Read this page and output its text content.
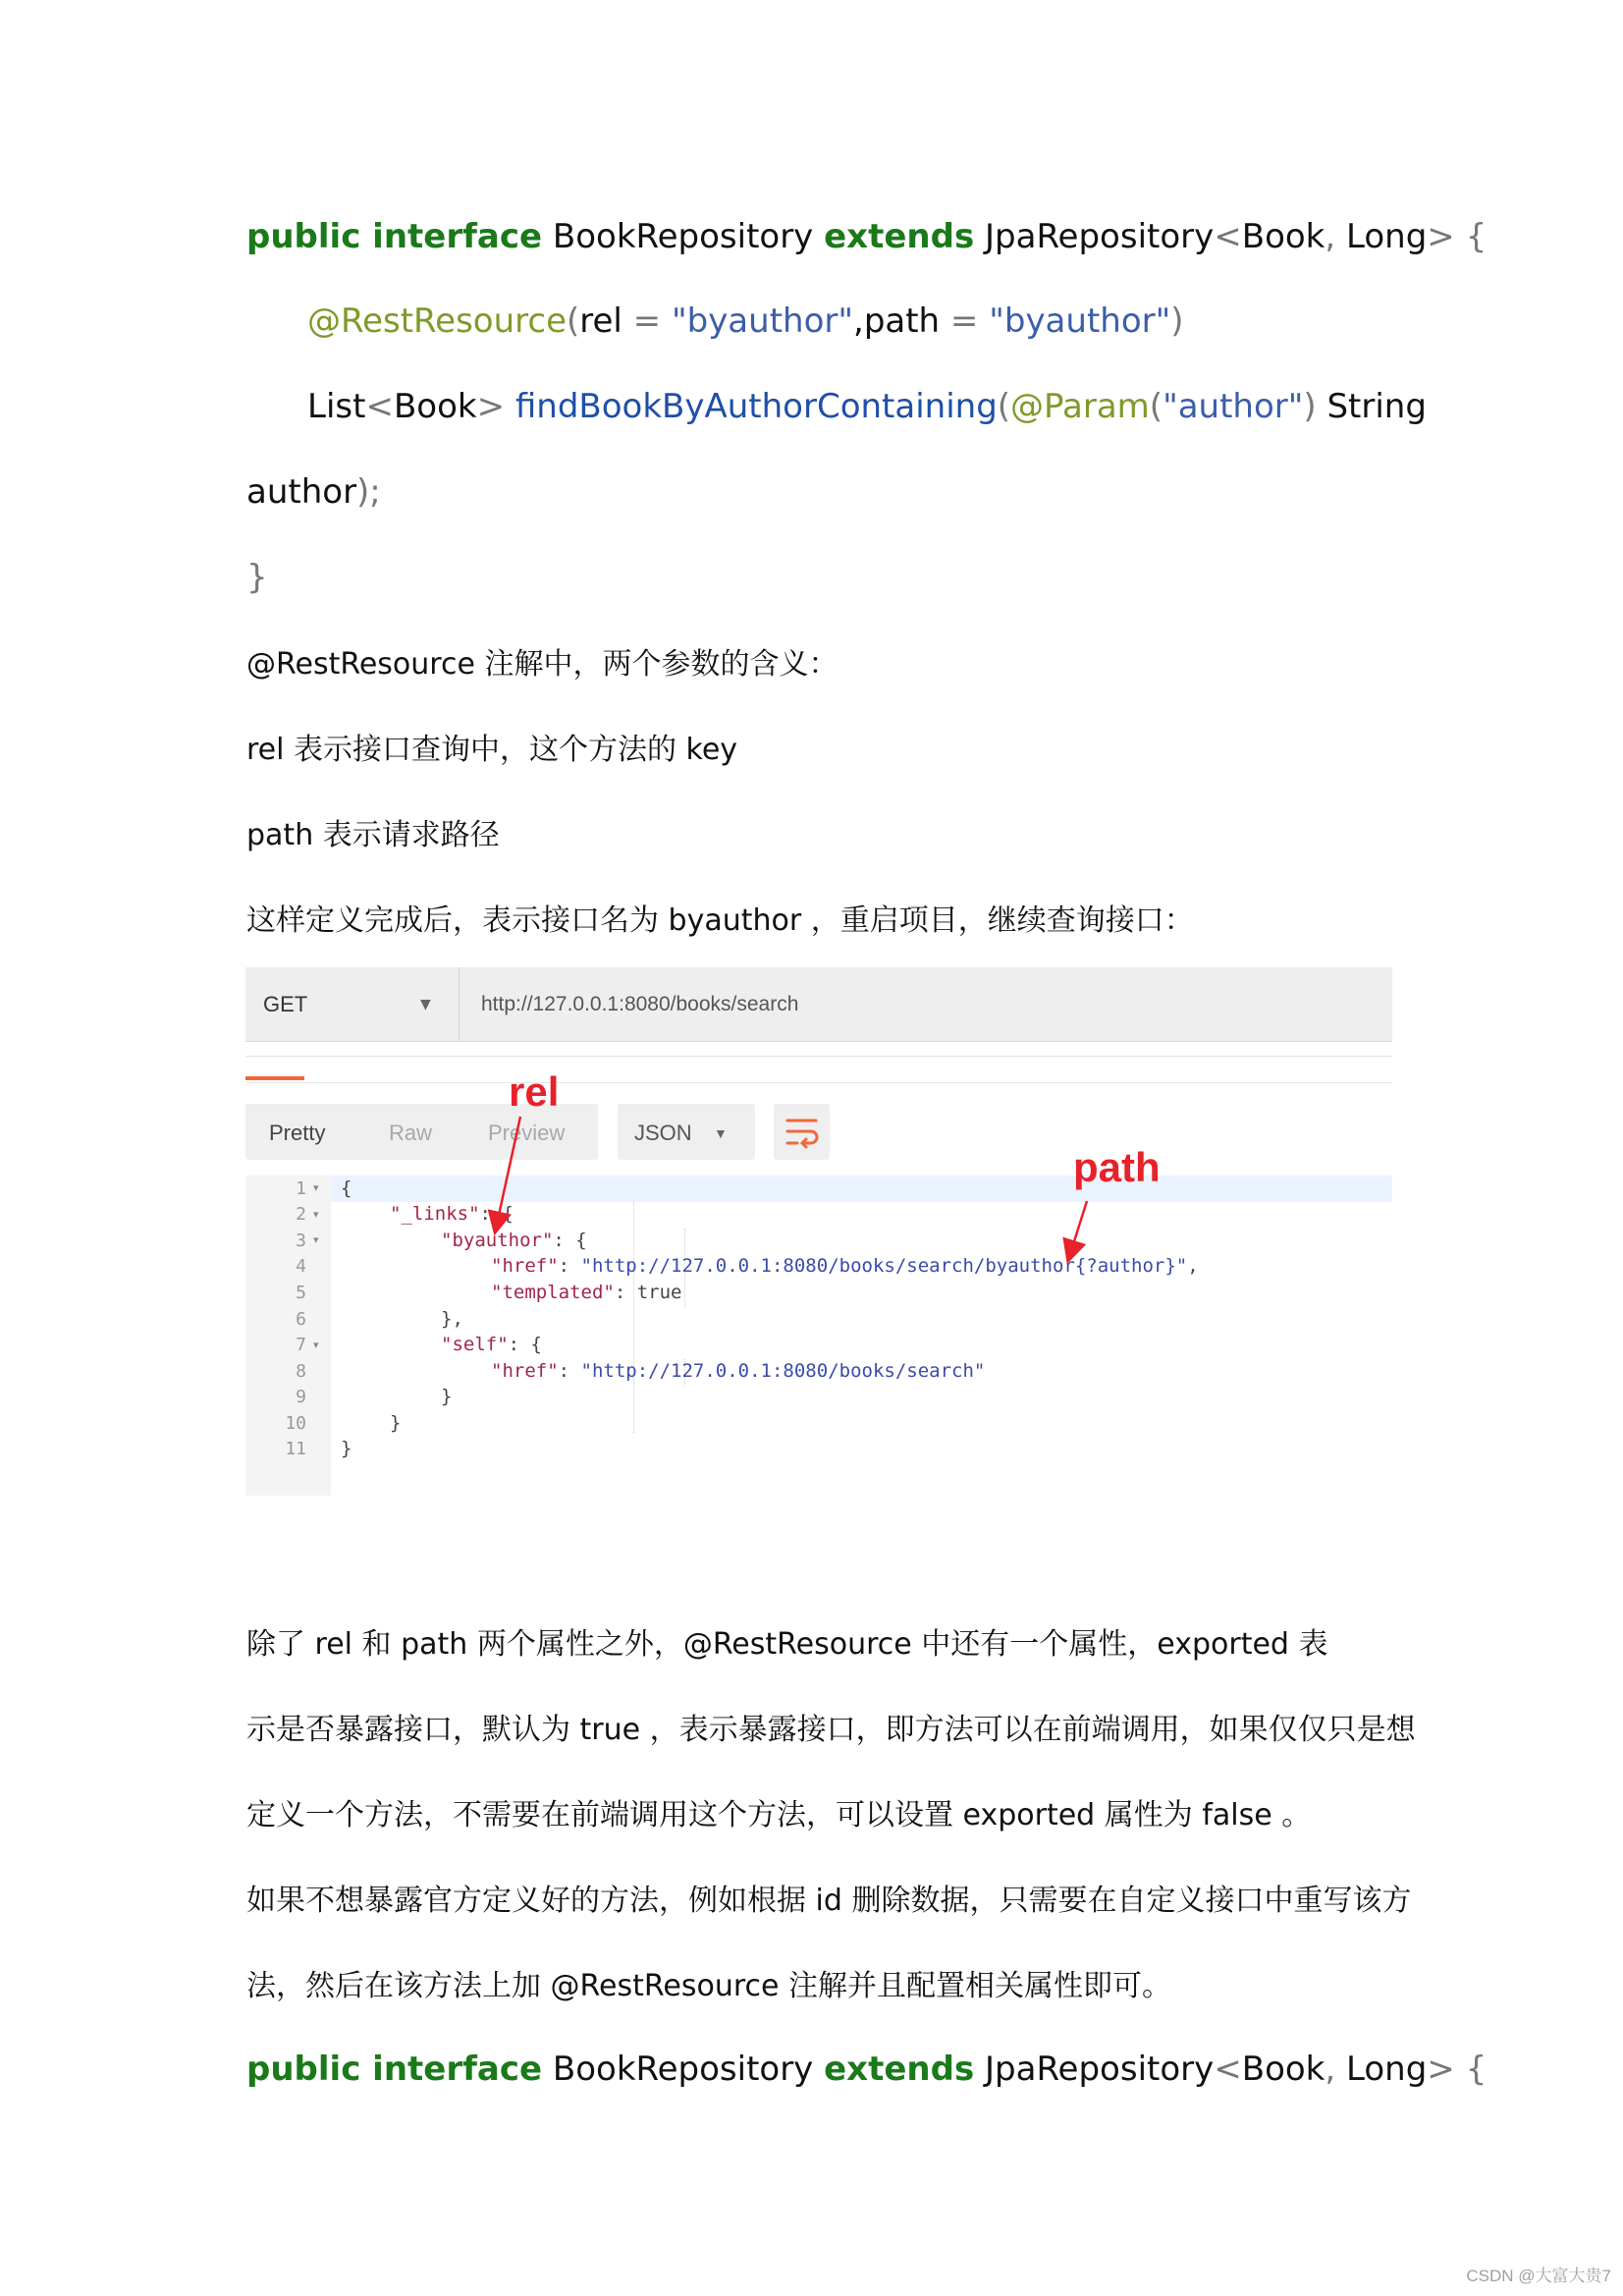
public interface BookRepository extends JpaRepository<Book, Long> {
@RestResource(rel = "byauthor",path = "byauthor")
List<Book> findBookByAuthorContaining(@Param("author") String
author);
}
@RestResource 注解中，两个参数的含义：
rel 表示接口查询中，这个方法的 key
path 表示请求路径
这样定义完成后，表示接口名为 byauthor ，重启项目，继续查询接口：
GET	▼ http://127.0.0.1:8080/books/search
Pretty	Raw	Preview	JSON ▼
1
2
3
4
5
6
7
8
9
10
11
▾
▾
▾
▾
{
"_links": {
"byauthor": {
"href": "http://127.0.0.1:8080/books/search/byauthor{?author}",
"templated": true
},
"self": {
"href": "http://127.0.0.1:8080/books/search"
}
}
}
rel
path
除了 rel 和 path 两个属性之外，@RestResource 中还有一个属性，exported 表
示是否暴露接口，默认为 true ，表示暴露接口，即方法可以在前端调用，如果仅仅只是想
定义一个方法，不需要在前端调用这个方法，可以设置 exported 属性为 false 。
如果不想暴露官方定义好的方法，例如根据 id 删除数据，只需要在自定义接口中重写该方
法，然后在该方法上加 @RestResource 注解并且配置相关属性即可。
public interface BookRepository extends JpaRepository<Book, Long> {
CSDN @大富大贵7
